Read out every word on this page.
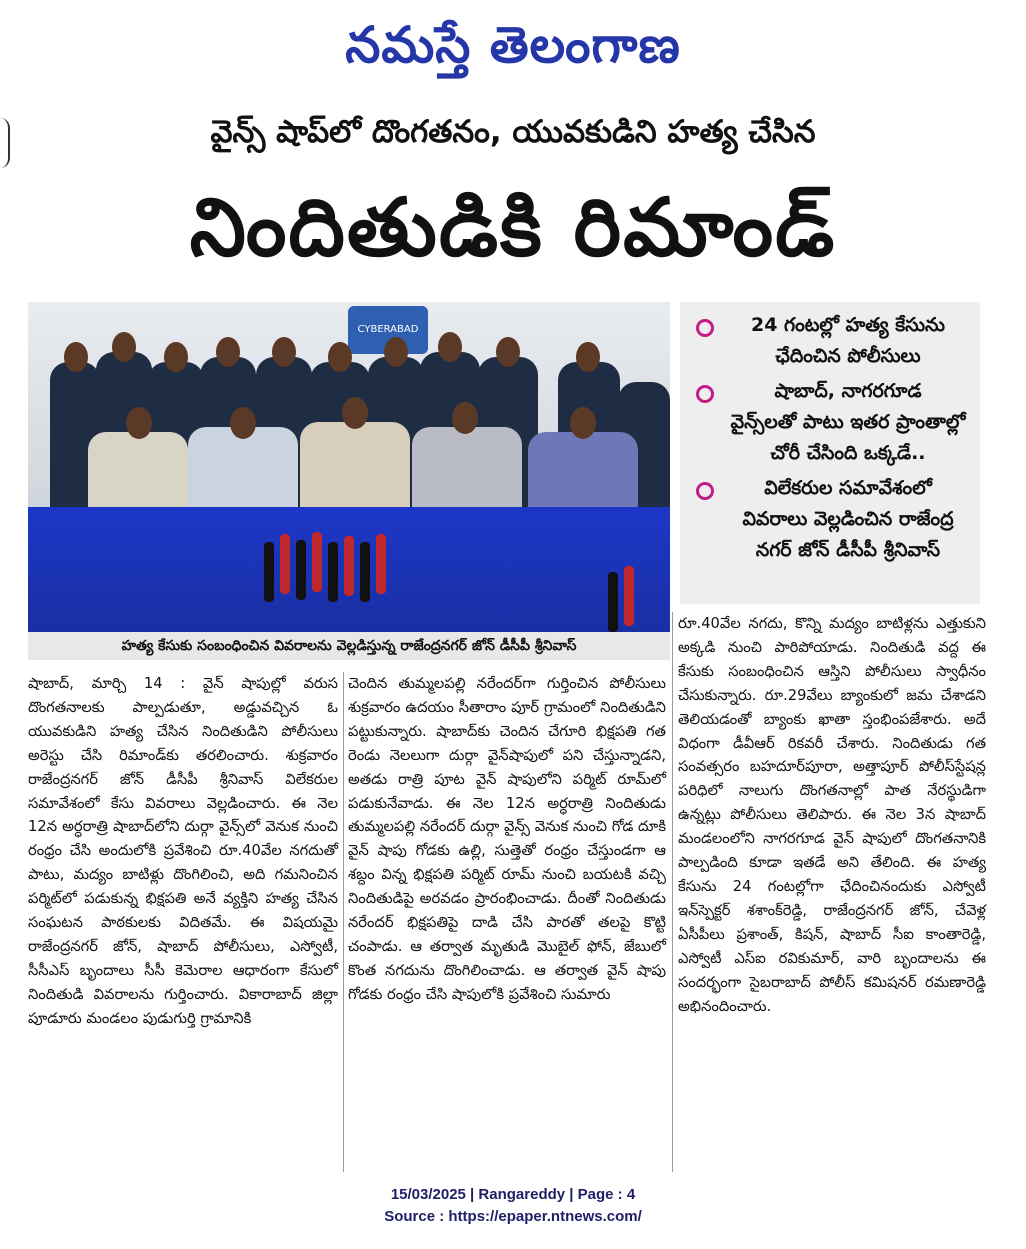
నమస్తే తెలంగాణ
వైన్స్ షాప్‌లో దొంగతనం, యువకుడిని హత్య చేసిన
నిందితుడికి రిమాండ్
CYBERABAD
హత్య కేసుకు సంబంధించిన వివరాలను వెల్లడిస్తున్న రాజేంద్రనగర్ జోన్ డీసీపీ శ్రీనివాస్
24 గంటల్లో హత్య కేసును
ఛేదించిన పోలీసులు
షాబాద్, నాగరగూడ
వైన్స్‌లతో పాటు ఇతర ప్రాంతాల్లో
చోరీ చేసింది ఒక్కడే..
విలేకరుల సమావేశంలో
వివరాలు వెల్లడించిన రాజేంద్ర
నగర్ జోన్ డీసీపీ శ్రీనివాస్

షాబాద్, మార్చి 14 : వైన్ షాపుల్లో వరుస దొంగతనాలకు పాల్పడుతూ, అడ్డువచ్చిన ఓ యువకుడిని హత్య చేసిన నిందితుడిని పోలీసులు అరెస్టు చేసి రిమాండ్‌కు తరలించారు. శుక్రవారం రాజేంద్రనగర్ జోన్ డీసీపీ శ్రీనివాస్ విలేకరుల సమావేశంలో కేసు వివరాలు వెల్లడించారు. ఈ నెల 12న అర్ధరాత్రి షాబాద్‌లోని దుర్గా వైన్స్‌లో వెనుక నుంచి రంధ్రం చేసి అందులోకి ప్రవేశించి రూ.40వేల నగదుతో పాటు, మద్యం బాటిళ్లు దొంగిలించి, అది గమనించిన పర్మిట్‌లో పడుకున్న భిక్షపతి అనే వ్యక్తిని హత్య చేసిన సంఘటన పాఠకులకు విదితమే. ఈ విషయమై రాజేంద్రనగర్ జోన్, షాబాద్ పోలీసులు, ఎస్వోటీ, సీసీఎస్ బృందాలు సీసీ కెమెరాల ఆధారంగా కేసులో నిందితుడి వివరాలను గుర్తించారు. వికారాబాద్ జిల్లా పూడూరు మండలం పుడుగుర్తి గ్రామానికి

చెందిన తుమ్మలపల్లి నరేందర్‌గా గుర్తించిన పోలీసులు శుక్రవారం ఉదయం సీతారాం పూర్ గ్రామంలో నిందితుడిని పట్టుకున్నారు. షాబాద్‌కు చెందిన చేగూరి భిక్షపతి గత రెండు నెలలుగా దుర్గా వైన్‌షాపులో పని చేస్తున్నాడని, అతడు రాత్రి పూట వైన్ షాపులోని పర్మిట్ రూమ్‌లో పడుకునేవాడు. ఈ నెల 12న అర్ధరాత్రి నిందితుడు తుమ్మలపల్లి నరేందర్ దుర్గా వైన్స్ వెనుక నుంచి గోడ దూకి వైన్ షాపు గోడకు ఉల్లి, సుత్తెతో రంధ్రం చేస్తుండగా ఆ శబ్దం విన్న భిక్షపతి పర్మిట్ రూమ్ నుంచి బయటకి వచ్చి నిందితుడిపై అరవడం ప్రారంభించాడు. దీంతో నిందితుడు నరేందర్ భిక్షపతిపై దాడి చేసి పారతో తలపై కొట్టి చంపాడు. ఆ తర్వాత మృతుడి మొబైల్ ఫోన్, జేబులో కొంత నగదును దొంగిలించాడు. ఆ తర్వాత వైన్ షాపు గోడకు రంధ్రం చేసి షాపులోకి ప్రవేశించి సుమారు

రూ.40వేల నగదు, కొన్ని మద్యం బాటిళ్లను ఎత్తుకుని అక్కడి నుంచి పారిపోయాడు. నిందితుడి వద్ద ఈ కేసుకు సంబంధించిన ఆస్తిని పోలీసులు స్వాధీనం చేసుకున్నారు. రూ.29వేలు బ్యాంకులో జమ చేశాడని తెలియడంతో బ్యాంకు ఖాతా స్తంభింపజేశారు. అదే విధంగా డీవీఆర్ రికవరీ చేశారు. నిందితుడు గత సంవత్సరం బహదూర్‌పూరా, అత్తాపూర్ పోలీస్‌స్టేషన్ల పరిధిలో నాలుగు దొంగతనాల్లో పాత నేరస్థుడిగా ఉన్నట్లు పోలీసులు తెలిపారు. ఈ నెల 3న షాబాద్ మండలంలోని నాగరగూడ వైన్ షాపులో దొంగతనానికి పాల్పడింది కూడా ఇతడే అని తేలింది. ఈ హత్య కేసును 24 గంటల్లోగా ఛేదించినందుకు ఎస్వోటీ ఇన్‌స్పెక్టర్ శశాంక్‌రెడ్డి, రాజేంద్రనగర్ జోన్, చేవెళ్ల ఏసీపీలు ప్రశాంత్, కిషన్, షాబాద్ సీఐ కాంతారెడ్డి, ఎస్వోటీ ఎస్ఐ రవికుమార్, వారి బృందాలను ఈ సందర్భంగా సైబరాబాద్ పోలీస్ కమిషనర్ రమణారెడ్డి అభినందించారు.

15/03/2025 | Rangareddy | Page : 4
Source : https://epaper.ntnews.com/
